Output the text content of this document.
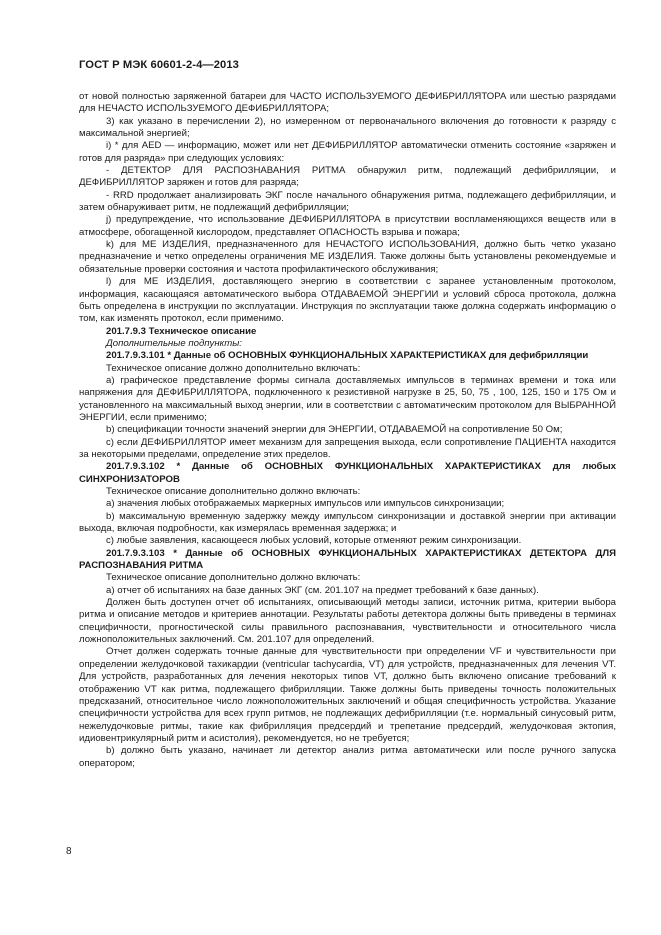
ГОСТ Р МЭК 60601-2-4—2013

от новой полностью заряженной батареи для ЧАСТО ИСПОЛЬЗУЕМОГО ДЕФИБРИЛЛЯТОРА или шестью разрядами для НЕЧАСТО ИСПОЛЬЗУЕМОГО ДЕФИБРИЛЛЯТОРА;

3) как указано в перечислении 2), но измеренном от первоначального включения до готовности к разряду с максимальной энергией;

i) * для AED — информацию, может или нет ДЕФИБРИЛЛЯТОР автоматически отменить состояние «заряжен и готов для разряда» при следующих условиях:

- ДЕТЕКТОР ДЛЯ РАСПОЗНАВАНИЯ РИТМА обнаружил ритм, подлежащий дефибрилляции, и ДЕФИБРИЛЛЯТОР заряжен и готов для разряда;

- RRD продолжает анализировать ЭКГ после начального обнаружения ритма, подлежащего дефибрилляции, и затем обнаруживает ритм, не подлежащий дефибрилляции;

j) предупреждение, что использование ДЕФИБРИЛЛЯТОРА в присутствии воспламеняющихся веществ или в атмосфере, обогащенной кислородом, представляет ОПАСНОСТЬ взрыва и пожара;

k) для МЕ ИЗДЕЛИЯ, предназначенного для НЕЧАСТОГО ИСПОЛЬЗОВАНИЯ, должно быть четко указано предназначение и четко определены ограничения МЕ ИЗДЕЛИЯ. Также должны быть установлены рекомендуемые и обязательные проверки состояния и частота профилактического обслуживания;

l) для МЕ ИЗДЕЛИЯ, доставляющего энергию в соответствии с заранее установленным протоколом, информация, касающаяся автоматического выбора ОТДАВАЕМОЙ ЭНЕРГИИ и условий сброса протокола, должна быть определена в инструкции по эксплуатации. Инструкция по эксплуатации также должна содержать информацию о том, как изменять протокол, если применимо.

201.7.9.3 Техническое описание

Дополнительные подпункты:

201.7.9.3.101 * Данные об ОСНОВНЫХ ФУНКЦИОНАЛЬНЫХ ХАРАКТЕРИСТИКАХ для дефибрилляции

Техническое описание должно дополнительно включать:

a) графическое представление формы сигнала доставляемых импульсов в терминах времени и тока или напряжения для ДЕФИБРИЛЛЯТОРА, подключенного к резистивной нагрузке в 25, 50, 75 , 100, 125, 150 и 175 Ом и установленного на максимальный выход энергии, или в соответствии с автоматическим протоколом для ВЫБРАННОЙ ЭНЕРГИИ, если применимо;

b) спецификации точности значений энергии для ЭНЕРГИИ, ОТДАВАЕМОЙ на сопротивление 50 Ом;

c) если ДЕФИБРИЛЛЯТОР имеет механизм для запрещения выхода, если сопротивление ПАЦИЕНТА находится за некоторыми пределами, определение этих пределов.

201.7.9.3.102 * Данные об ОСНОВНЫХ ФУНКЦИОНАЛЬНЫХ ХАРАКТЕРИСТИКАХ для любых СИНХРОНИЗАТОРОВ

Техническое описание дополнительно должно включать:

a) значения любых отображаемых маркерных импульсов или импульсов синхронизации;

b) максимальную временную задержку между импульсом синхронизации и доставкой энергии при активации выхода, включая подробности, как измерялась временная задержка; и

c) любые заявления, касающееся любых условий, которые отменяют режим синхронизации.

201.7.9.3.103 * Данные об ОСНОВНЫХ ФУНКЦИОНАЛЬНЫХ ХАРАКТЕРИСТИКАХ ДЕТЕКТОРА ДЛЯ РАСПОЗНАВАНИЯ РИТМА

Техническое описание дополнительно должно включать:

a) отчет об испытаниях на базе данных ЭКГ (см. 201.107 на предмет требований к базе данных).

Должен быть доступен отчет об испытаниях, описывающий методы записи, источник ритма, критерии выбора ритма и описание методов и критериев аннотации. Результаты работы детектора должны быть приведены в терминах специфичности, прогностической силы правильного распознавания, чувствительности и относительного числа ложноположительных заключений. См. 201.107 для определений.

Отчет должен содержать точные данные для чувствительности при определении VF и чувствительности при определении желудочковой тахикардии (ventricular tachycardia, VT) для устройств, предназначенных для лечения VT. Для устройств, разработанных для лечения некоторых типов VT, должно быть включено описание требований к отображению VT как ритма, подлежащего фибрилляции. Также должны быть приведены точность положительных предсказаний, относительное число ложноположительных заключений и общая специфичность устройства. Указание специфичности устройства для всех групп ритмов, не подлежащих дефибрилляции (т.е. нормальный синусовый ритм, нежелудочковые ритмы, такие как фибрилляция предсердий и трепетание предсердий, желудочковая эктопия, идиовентрикулярный ритм и асистолия), рекомендуется, но не требуется;

b) должно быть указано, начинает ли детектор анализ ритма автоматически или после ручного запуска оператором;

8
